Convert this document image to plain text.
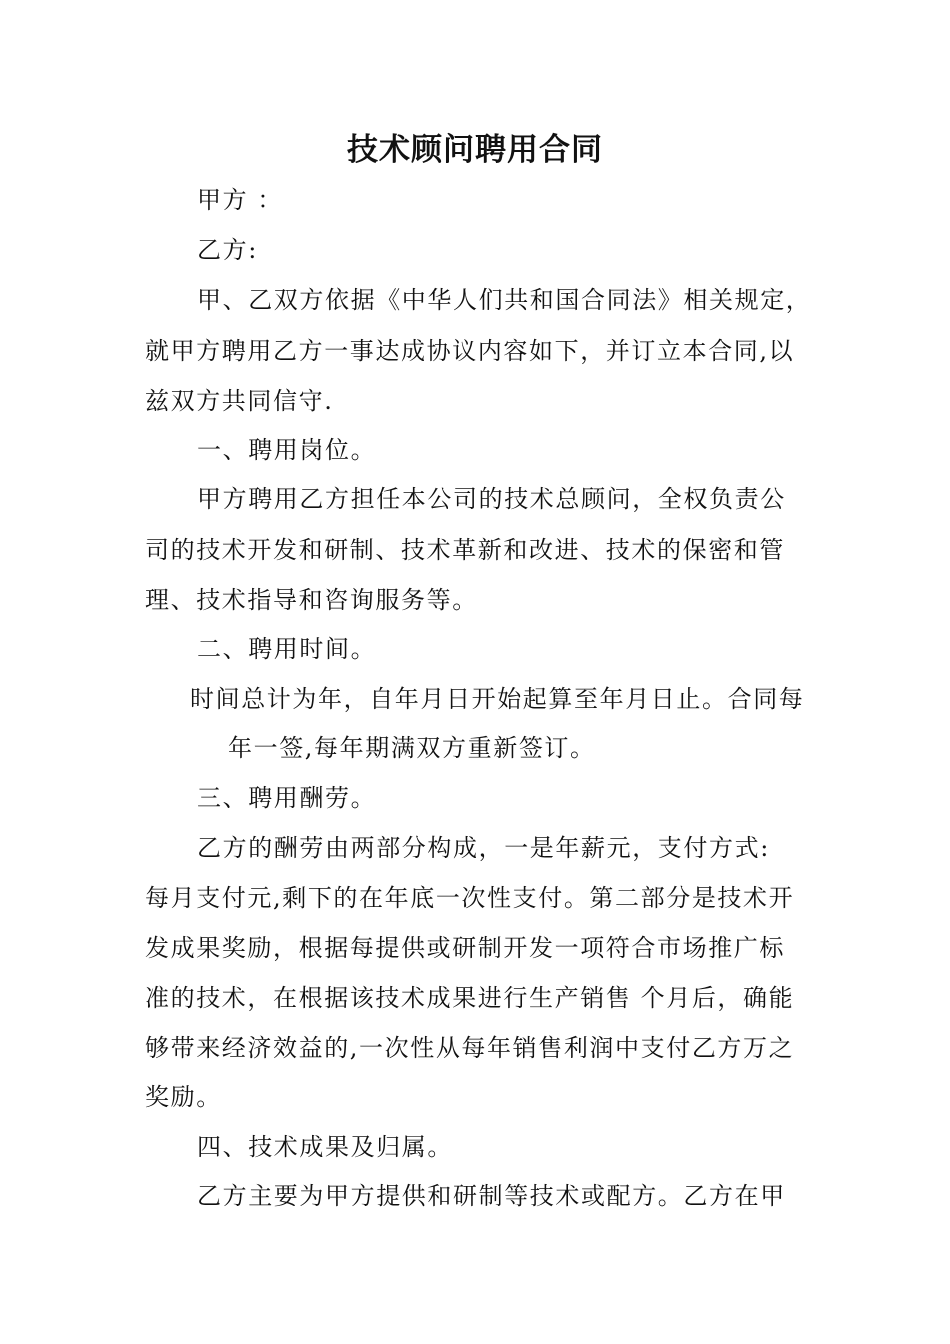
技术顾问聘用合同
甲方 ：
乙方:
甲、乙双方依据《中华人们共和国合同法》相关规定，
就甲方聘用乙方一事达成协议内容如下，并订立本合同,以
兹双方共同信守.
一、聘用岗位。
甲方聘用乙方担任本公司的技术总顾问，全权负责公
司的技术开发和研制、技术革新和改进、技术的保密和管
理、技术指导和咨询服务等。
二、聘用时间。
时间总计为年，自年月日开始起算至年月日止。合同每
年一签,每年期满双方重新签订。
三、聘用酬劳。
乙方的酬劳由两部分构成，一是年薪元，支付方式:
每月支付元,剩下的在年底一次性支付。第二部分是技术开
发成果奖励，根据每提供或研制开发一项符合市场推广标
准的技术，在根据该技术成果进行生产销售 个月后，确能
够带来经济效益的,一次性从每年销售利润中支付乙方万之
奖励。
四、技术成果及归属。
乙方主要为甲方提供和研制等技术或配方。乙方在甲
